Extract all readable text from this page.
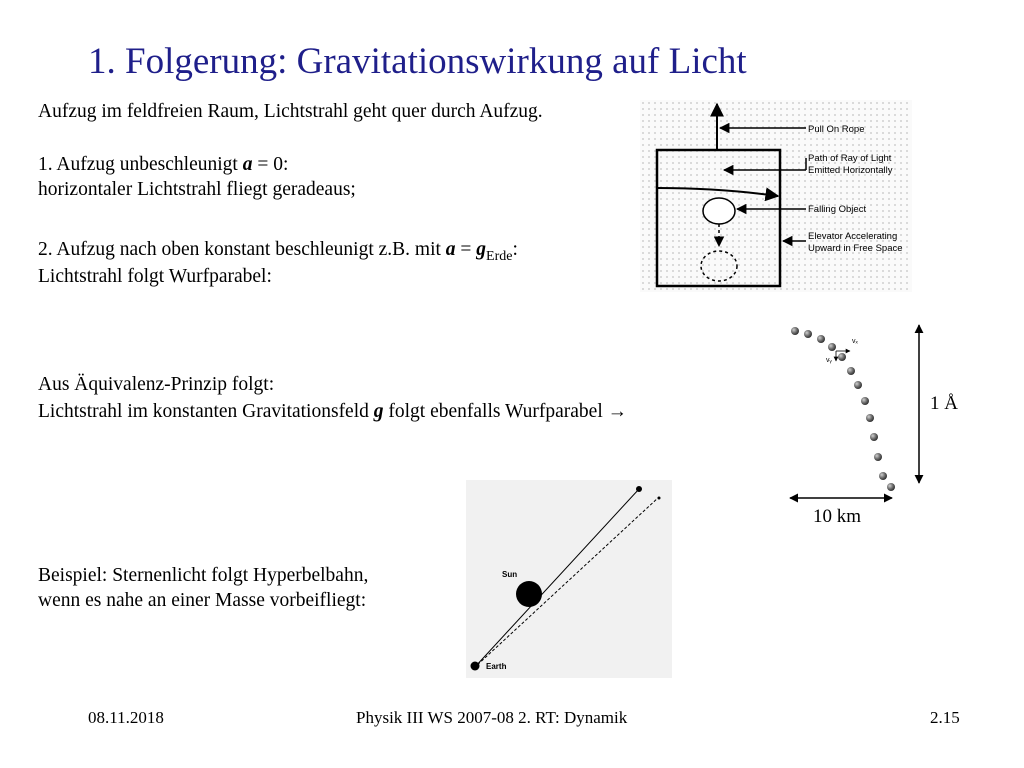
1. Folgerung: Gravitationswirkung auf Licht
Aufzug im feldfreien Raum, Lichtstrahl geht quer durch Aufzug.
1. Aufzug unbeschleunigt a = 0:
horizontaler Lichtstrahl fliegt geradeaus;
2. Aufzug nach oben konstant beschleunigt z.B. mit $a = g_{Erde}$:
Lichtstrahl folgt Wurfparabel:
Aus Äquivalenz-Prinzip folgt:
Lichtstrahl im konstanten Gravitationsfeld g folgt ebenfalls Wurfparabel →
Beispiel: Sternenlicht folgt Hyperbelbahn,
wenn es nahe an einer Masse vorbeifliegt:
Pull On Rope
Path of Ray of Light
Emitted Horizontally
Falling Object
Elevator Accelerating
Upward in Free Space
vₓ
vᵧ
1 Å
10 km
Sun
Earth
08.11.2018	Physik III WS 2007-08 2. RT: Dynamik	2.15
